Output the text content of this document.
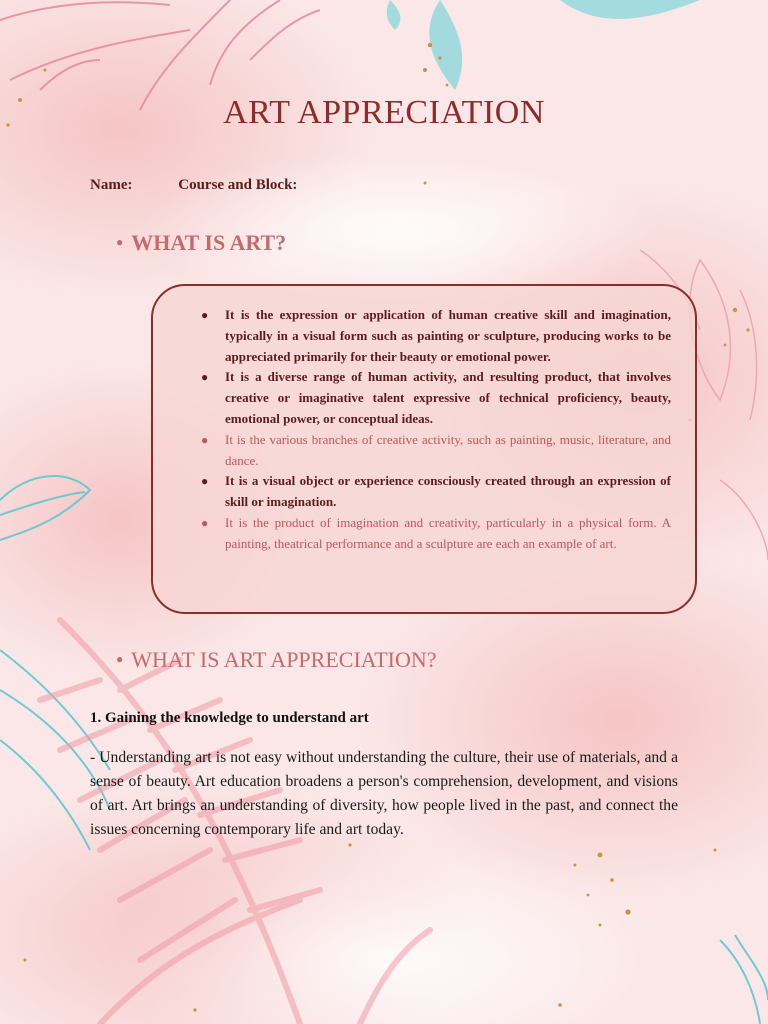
ART APPRECIATION
Name:	Course and Block:
● WHAT IS ART?
● It is the expression or application of human creative skill and imagination, typically in a visual form such as painting or sculpture, producing works to be appreciated primarily for their beauty or emotional power.
● It is a diverse range of human activity, and resulting product, that involves creative or imaginative talent expressive of technical proficiency, beauty, emotional power, or conceptual ideas.
● It is the various branches of creative activity, such as painting, music, literature, and dance.
● It is a visual object or experience consciously created through an expression of skill or imagination.
● It is the product of imagination and creativity, particularly in a physical form. A painting, theatrical performance and a sculpture are each an example of art.
● WHAT IS ART APPRECIATION?
1. Gaining the knowledge to understand art
- Understanding art is not easy without understanding the culture, their use of materials, and a sense of beauty. Art education broadens a person's comprehension, development, and visions of art. Art brings an understanding of diversity, how people lived in the past, and connect the issues concerning contemporary life and art today.
